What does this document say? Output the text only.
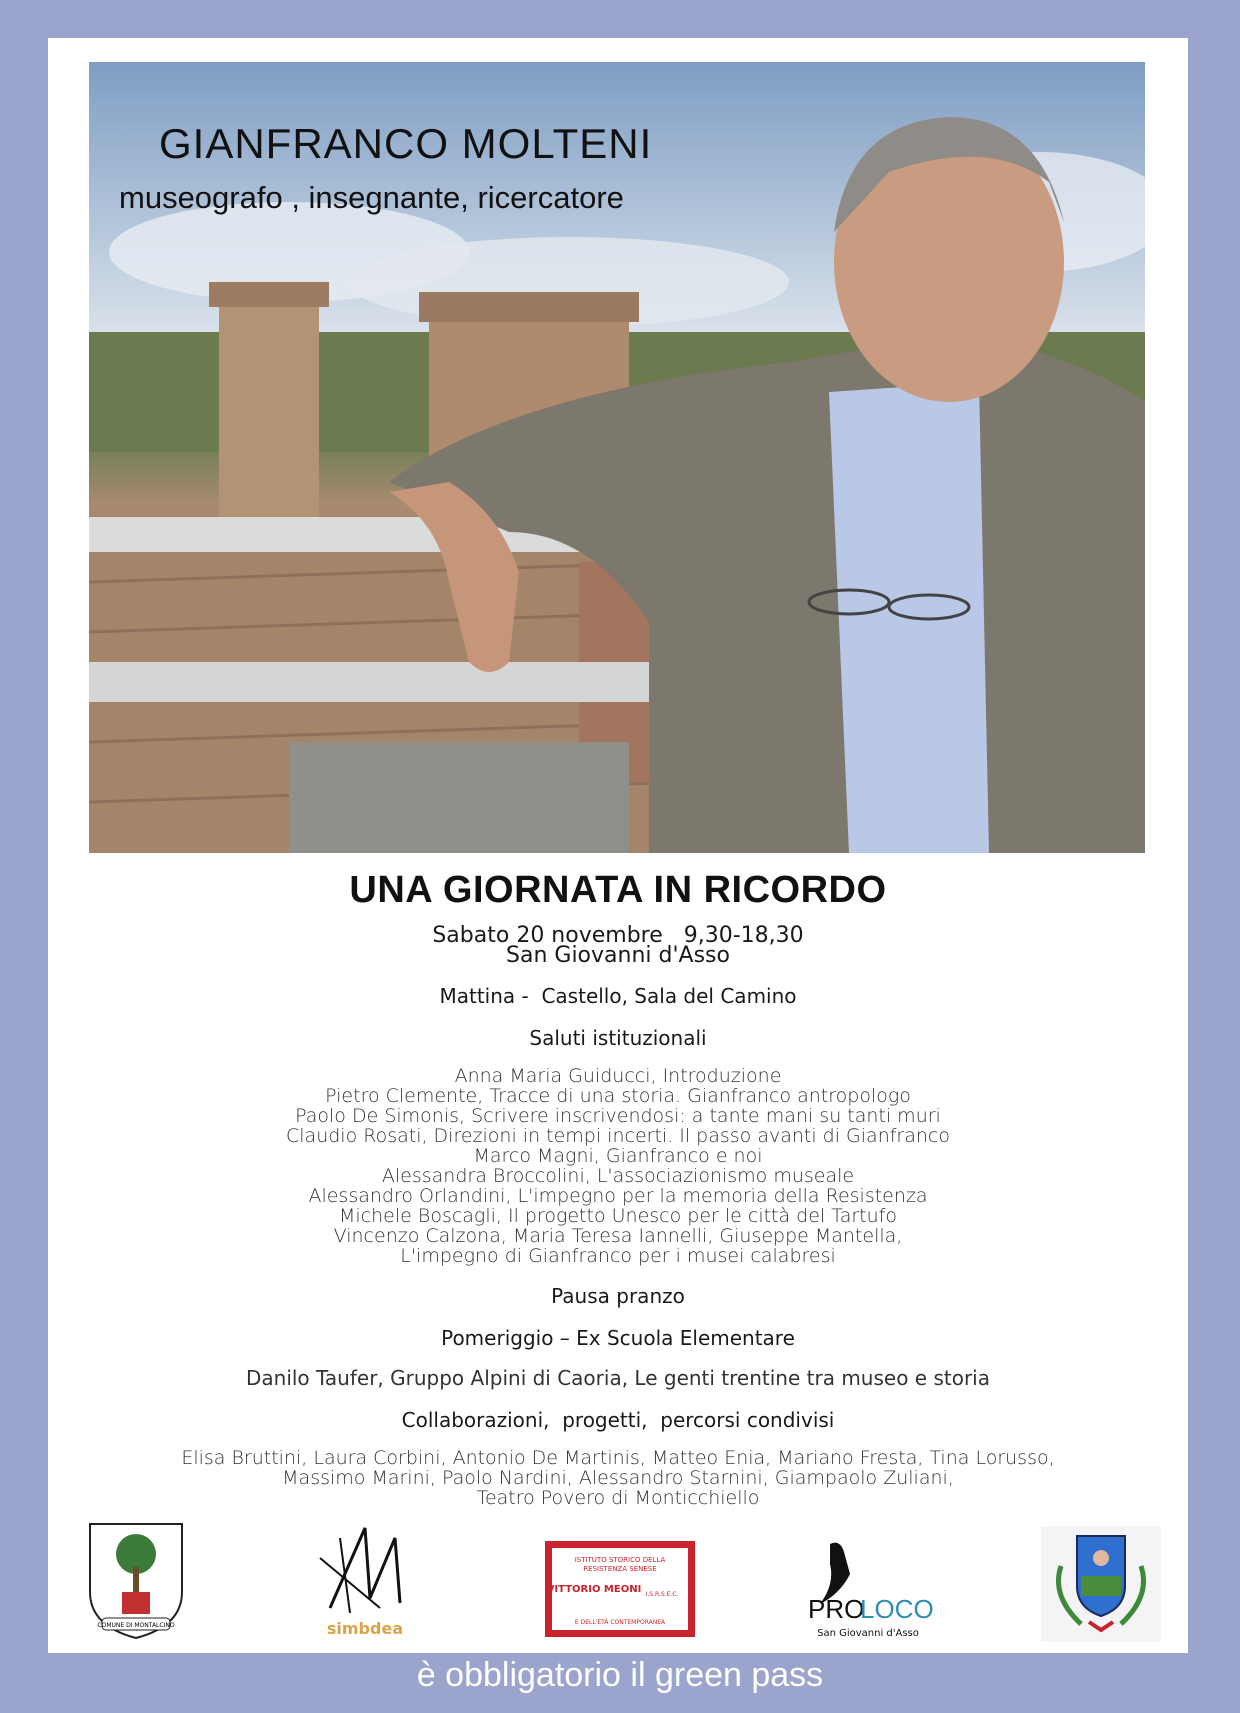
GIANFRANCO MOLTENI
museografo , insegnante, ricercatore
UNA GIORNATA IN RICORDO
Sabato 20 novembre   9,30-18,30
San Giovanni d'Asso
Mattina -  Castello, Sala del Camino
Saluti istituzionali
Anna Maria Guiducci, Introduzione
Pietro Clemente, Tracce di una storia. Gianfranco antropologo
Paolo De Simonis, Scrivere inscrivendosi: a tante mani su tanti muri
Claudio Rosati, Direzioni in tempi incerti. Il passo avanti di Gianfranco
Marco Magni, Gianfranco e noi
Alessandra Broccolini, L'associazionismo museale
Alessandro Orlandini, L'impegno per la memoria della Resistenza
Michele Boscagli, Il progetto Unesco per le città del Tartufo
Vincenzo Calzona, Maria Teresa Iannelli, Giuseppe Mantella,
L'impegno di Gianfranco per i musei calabresi
Pausa pranzo
Pomeriggio – Ex Scuola Elementare
Danilo Taufer, Gruppo Alpini di Caoria, Le genti trentine tra museo e storia
Collaborazioni,  progetti,  percorsi condivisi
Elisa Bruttini, Laura Corbini, Antonio De Martinis, Matteo Enia, Mariano Fresta, Tina Lorusso,
Massimo Marini, Paolo Nardini, Alessandro Starnini, Giampaolo Zuliani,
Teatro Povero di Monticchiello
COMUNE DI MONTALCINO	simbdea
ISTITUTO STORICO DELLA
RESISTENZA SENESE
VITTORIO MEONI I.S.R.S.E.C.
E DELL'ETÀ CONTEMPORANEA	PRO
LOCO
San Giovanni d'Asso
è obbligatorio il green pass
